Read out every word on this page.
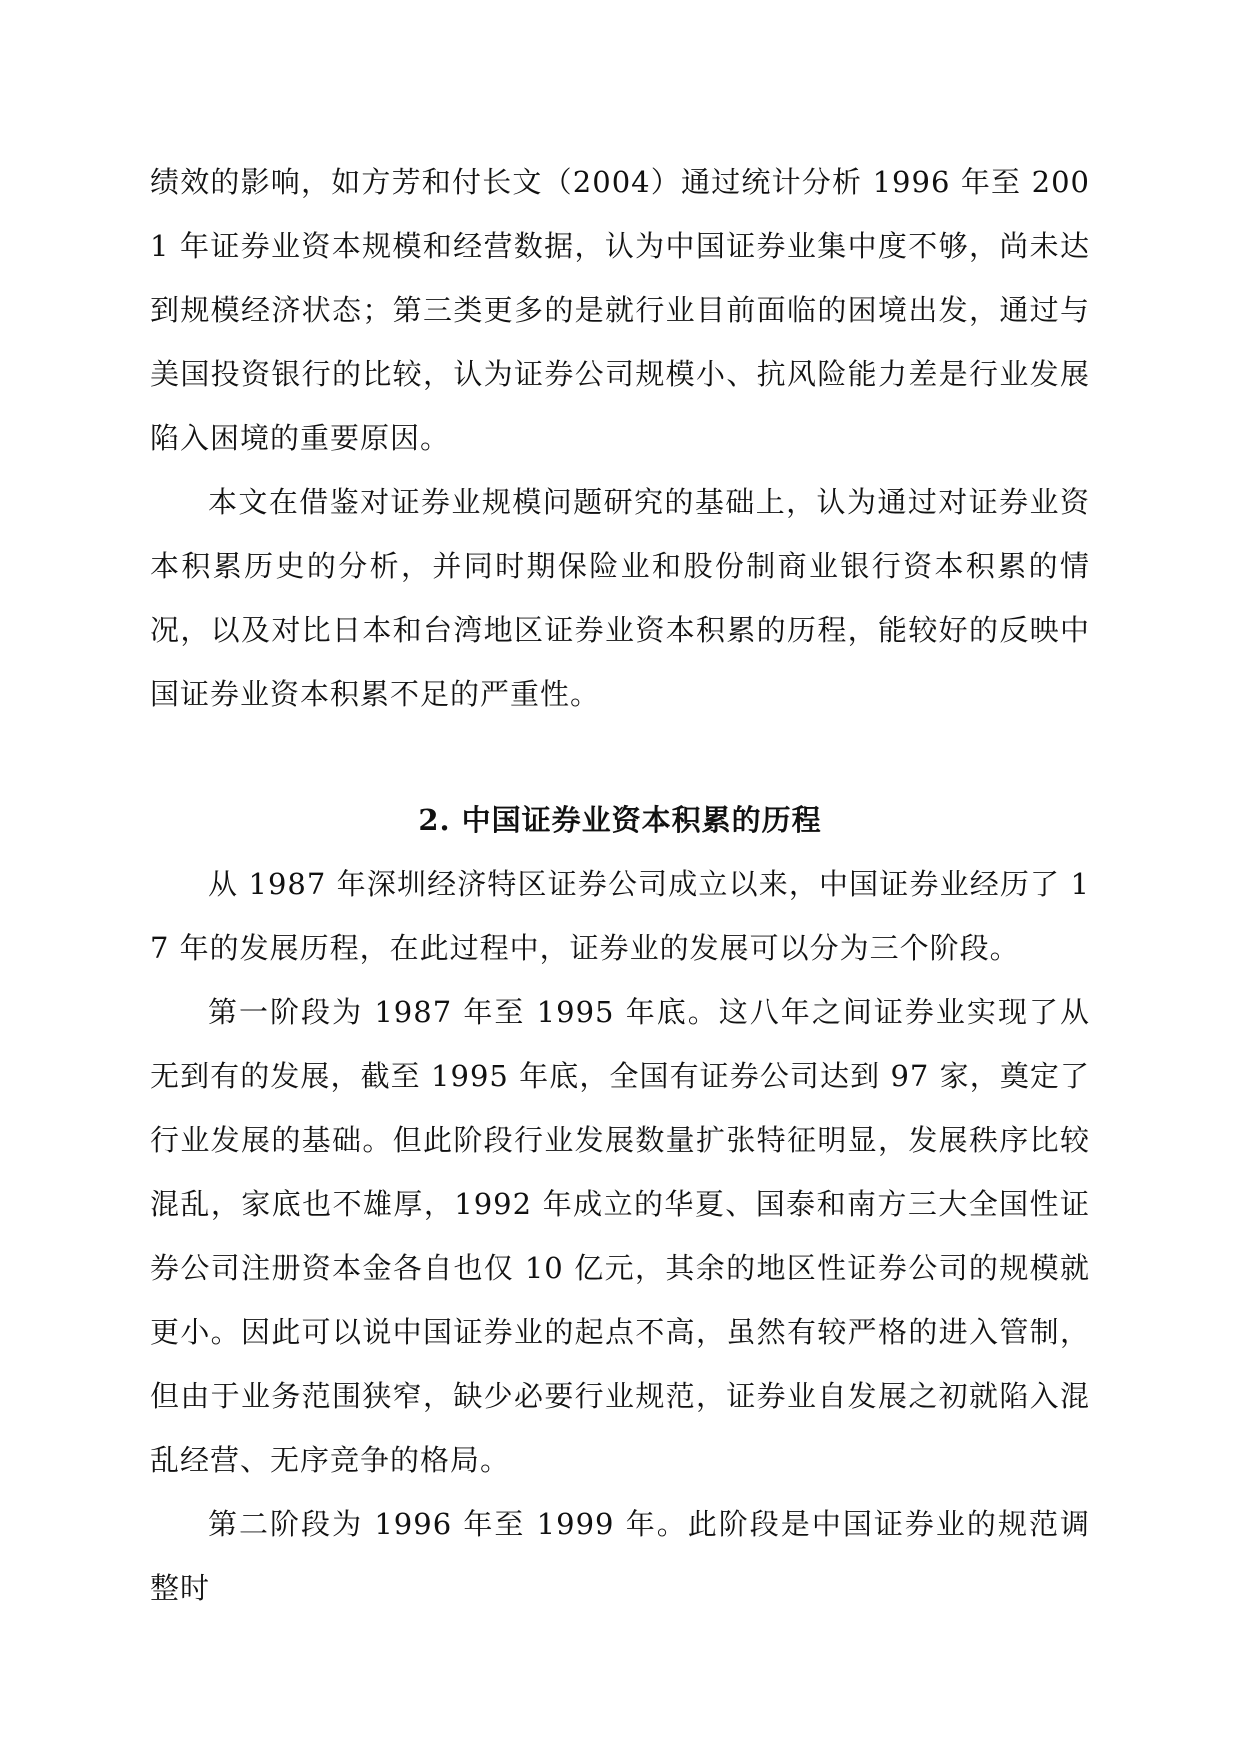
绩效的影响，如方芳和付长文（2004）通过统计分析 1996 年至 2001 年证券业资本规模和经营数据，认为中国证券业集中度不够，尚未达到规模经济状态；第三类更多的是就行业目前面临的困境出发，通过与美国投资银行的比较，认为证券公司规模小、抗风险能力差是行业发展陷入困境的重要原因。

本文在借鉴对证券业规模问题研究的基础上，认为通过对证券业资本积累历史的分析，并同时期保险业和股份制商业银行资本积累的情况，以及对比日本和台湾地区证券业资本积累的历程，能较好的反映中国证券业资本积累不足的严重性。

2. 中国证券业资本积累的历程

从 1987 年深圳经济特区证券公司成立以来，中国证券业经历了 17 年的发展历程，在此过程中，证券业的发展可以分为三个阶段。

第一阶段为 1987 年至 1995 年底。这八年之间证券业实现了从无到有的发展，截至 1995 年底，全国有证券公司达到 97 家，奠定了行业发展的基础。但此阶段行业发展数量扩张特征明显，发展秩序比较混乱，家底也不雄厚，1992 年成立的华夏、国泰和南方三大全国性证券公司注册资本金各自也仅 10 亿元，其余的地区性证券公司的规模就更小。因此可以说中国证券业的起点不高，虽然有较严格的进入管制，但由于业务范围狭窄，缺少必要行业规范，证券业自发展之初就陷入混乱经营、无序竞争的格局。

第二阶段为 1996 年至 1999 年。此阶段是中国证券业的规范调整时
